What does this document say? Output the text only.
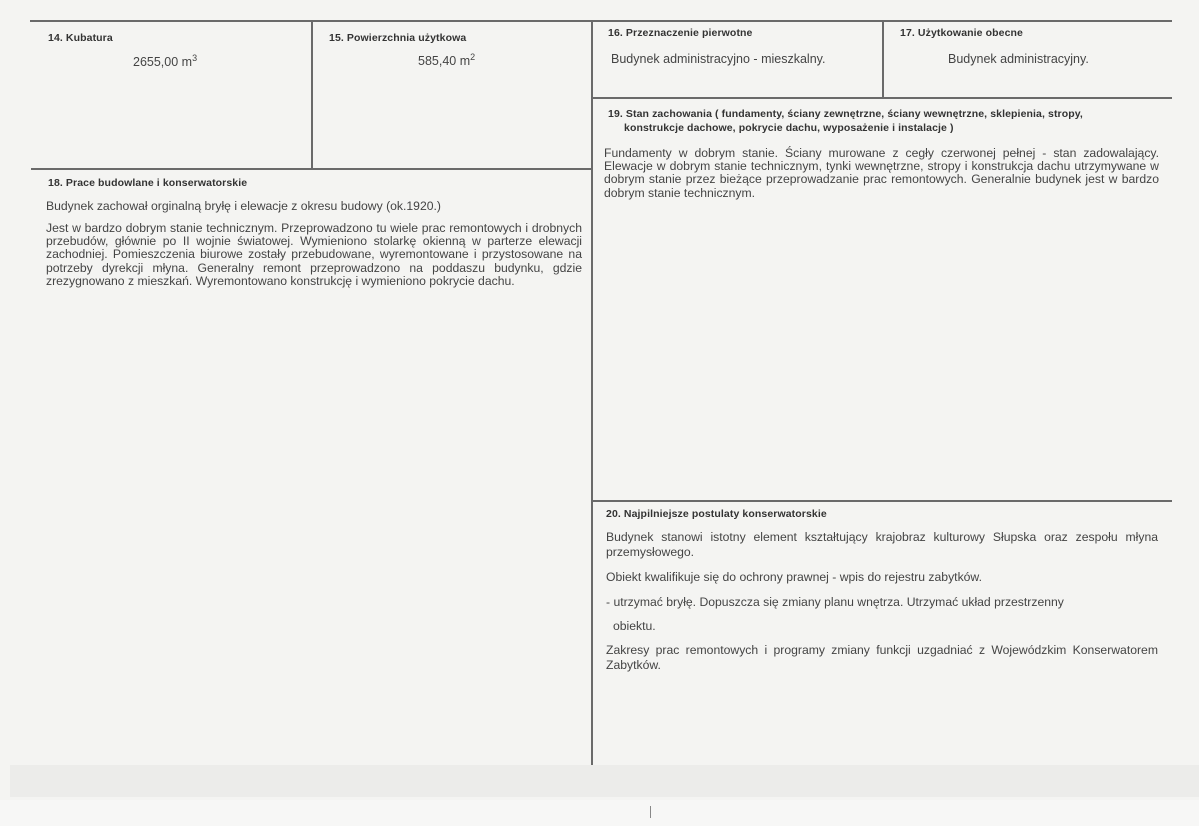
14. Kubatura
2655,00 $m^3$
15. Powierzchnia użytkowa
585,40 $m^2$
16. Przeznaczenie pierwotne
Budynek administracyjno - mieszkalny.
17. Użytkowanie obecne
Budynek administracyjny.
18. Prace budowlane i konserwatorskie
Budynek zachował orginalną bryłę i elewacje z okresu budowy (ok.1920.)
Jest w bardzo dobrym stanie technicznym. Przeprowadzono tu wiele prac remontowych i drobnych przebudów, głównie po II wojnie światowej. Wymieniono stolarkę okienną w parterze elewacji zachodniej. Pomieszczenia biurowe zostały przebudowane, wyremontowane i przystosowane na potrzeby dyrekcji młyna. Generalny remont przeprowadzono na poddaszu budynku, gdzie zrezygnowano z mieszkań. Wyremontowano konstrukcję i wymieniono pokrycie dachu.
19. Stan zachowania ( fundamenty, ściany zewnętrzne, ściany wewnętrzne, sklepienia, stropy,
konstrukcje dachowe, pokrycie dachu, wyposażenie i instalacje )
Fundamenty w dobrym stanie. Ściany murowane z cegły czerwonej pełnej - stan zadowalający. Elewacje w dobrym stanie technicznym, tynki wewnętrzne, stropy i konstrukcja dachu utrzymywane w dobrym stanie przez bieżące przeprowadzanie prac remontowych. Generalnie budynek jest w bardzo dobrym stanie technicznym.
20. Najpilniejsze postulaty konserwatorskie
Budynek stanowi istotny element kształtujący krajobraz kulturowy Słupska oraz zespołu młyna przemysłowego.
Obiekt kwalifikuje się do ochrony prawnej - wpis do rejestru zabytków.
- utrzymać bryłę. Dopuszcza się zmiany planu wnętrza. Utrzymać układ przestrzenny
obiektu.
Zakresy prac remontowych i programy zmiany funkcji uzgadniać z Wojewódzkim Konserwatorem Zabytków.
